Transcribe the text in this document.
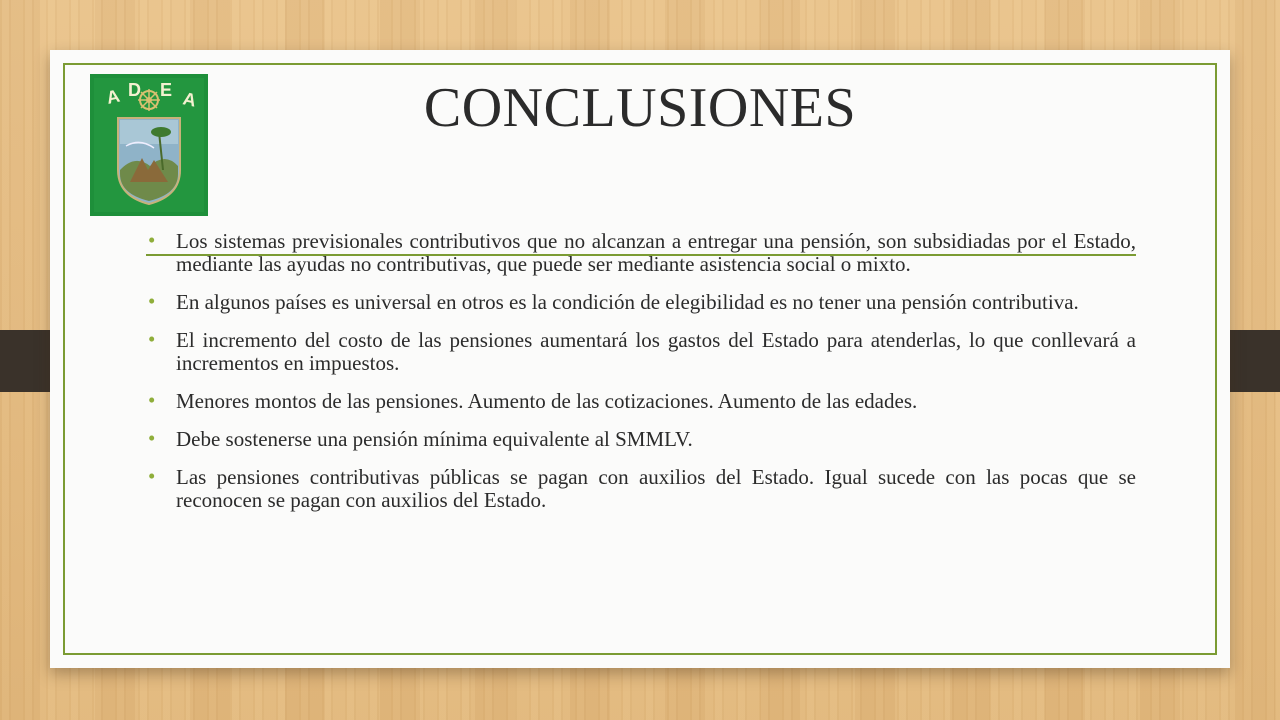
A D E A	CONCLUSIONES
• Los sistemas previsionales contributivos que no alcanzan a entregar una pensión, son subsidiadas por el Estado, mediante las ayudas no contributivas, que puede ser mediante asistencia social o mixto.
• En algunos países es universal en otros es la condición de elegibilidad es no tener una pensión contributiva.
• El incremento del costo de las pensiones aumentará los gastos del Estado para atenderlas, lo que conllevará a incrementos en impuestos.
• Menores montos de las pensiones. Aumento de las cotizaciones. Aumento de las edades.
• Debe sostenerse una pensión mínima equivalente al SMMLV.
• Las pensiones contributivas públicas se pagan con auxilios del Estado. Igual sucede con las pocas que se reconocen se pagan con auxilios del Estado.
